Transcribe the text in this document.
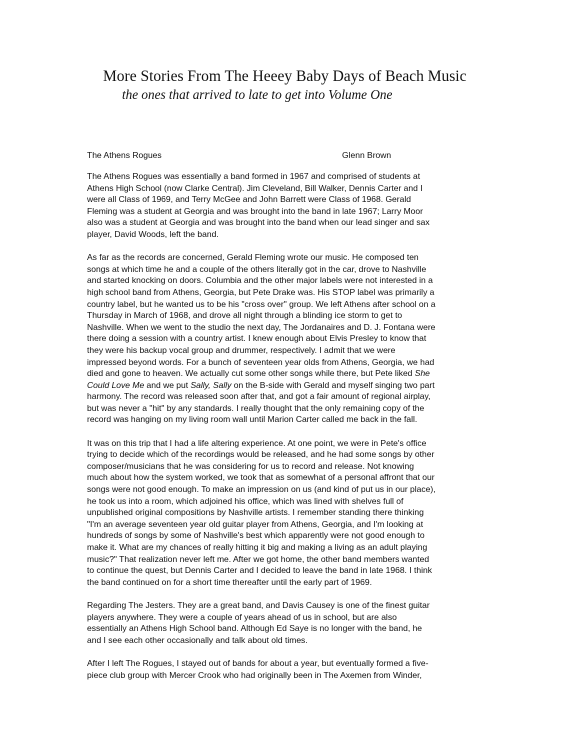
More Stories From The Heeey Baby Days of Beach Music
the ones that arrived to late to get into Volume One
The Athens Rogues	Glenn Brown
The Athens Rogues was essentially a band formed in 1967 and comprised of students at
Athens High School (now Clarke Central). Jim Cleveland, Bill Walker, Dennis Carter and I
were all Class of 1969, and Terry McGee and John Barrett were Class of 1968. Gerald
Fleming was a student at Georgia and was brought into the band in late 1967; Larry Moor
also was a student at Georgia and was brought into the band when our lead singer and sax
player, David Woods, left the band.
As far as the records are concerned, Gerald Fleming wrote our music. He composed ten
songs at which time he and a couple of the others literally got in the car, drove to Nashville
and started knocking on doors. Columbia and the other major labels were not interested in a
high school band from Athens, Georgia, but Pete Drake was. His STOP label was primarily a
country label, but he wanted us to be his "cross over" group. We left Athens after school on a
Thursday in March of 1968, and drove all night through a blinding ice storm to get to
Nashville. When we went to the studio the next day, The Jordanaires and D. J. Fontana were
there doing a session with a country artist. I knew enough about Elvis Presley to know that
they were his backup vocal group and drummer, respectively. I admit that we were
impressed beyond words. For a bunch of seventeen year olds from Athens, Georgia, we had
died and gone to heaven. We actually cut some other songs while there, but Pete liked She
Could Love Me and we put Sally, Sally on the B-side with Gerald and myself singing two part
harmony. The record was released soon after that, and got a fair amount of regional airplay,
but was never a "hit" by any standards. I really thought that the only remaining copy of the
record was hanging on my living room wall until Marion Carter called me back in the fall.
It was on this trip that I had a life altering experience. At one point, we were in Pete's office
trying to decide which of the recordings would be released, and he had some songs by other
composer/musicians that he was considering for us to record and release. Not knowing
much about how the system worked, we took that as somewhat of a personal affront that our
songs were not good enough. To make an impression on us (and kind of put us in our place),
he took us into a room, which adjoined his office, which was lined with shelves full of
unpublished original compositions by Nashville artists. I remember standing there thinking
"I'm an average seventeen year old guitar player from Athens, Georgia, and I'm looking at
hundreds of songs by some of Nashville's best which apparently were not good enough to
make it. What are my chances of really hitting it big and making a living as an adult playing
music?" That realization never left me. After we got home, the other band members wanted
to continue the quest, but Dennis Carter and I decided to leave the band in late 1968. I think
the band continued on for a short time thereafter until the early part of 1969.
Regarding The Jesters. They are a great band, and Davis Causey is one of the finest guitar
players anywhere. They were a couple of years ahead of us in school, but are also
essentially an Athens High School band. Although Ed Saye is no longer with the band, he
and I see each other occasionally and talk about old times.
After I left The Rogues, I stayed out of bands for about a year, but eventually formed a five-
piece club group with Mercer Crook who had originally been in The Axemen from Winder,
